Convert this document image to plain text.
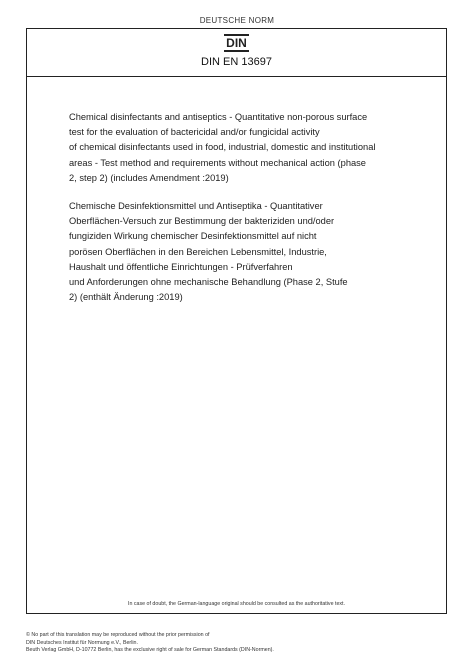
DEUTSCHE NORM
DIN
DIN EN 13697

Chemical disinfectants and antiseptics - Quantitative non-porous surface

test for the evaluation of bactericidal and/or fungicidal activity

of chemical disinfectants used in food, industrial, domestic and institutional

areas - Test method and requirements without mechanical action (phase

2, step 2) (includes Amendment :2019)

Chemische Desinfektionsmittel und Antiseptika - Quantitativer

Oberflächen-Versuch zur Bestimmung der bakteriziden und/oder

fungiziden Wirkung chemischer Desinfektionsmittel auf nicht

porösen Oberflächen in den Bereichen Lebensmittel, Industrie,

Haushalt und öffentliche Einrichtungen - Prüfverfahren

und Anforderungen ohne mechanische Behandlung (Phase 2, Stufe

2) (enthält Änderung :2019)

In case of doubt, the German-language original should be consulted as the authoritative text.
© No part of this translation may be reproduced without the prior permission of
DIN Deutsches Institut für Normung e.V., Berlin.
Beuth Verlag GmbH, D-10772 Berlin, has the exclusive right of sale for German Standards (DIN-Normen).
